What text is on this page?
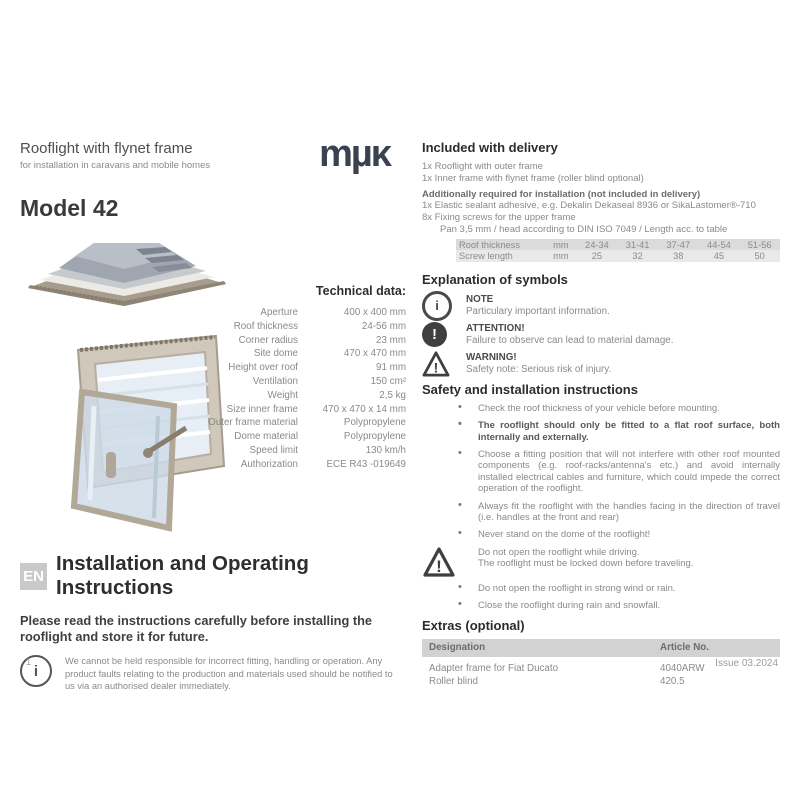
Rooflight with flynet frame
for installation in caravans and mobile homes	mµκ
Model 42
Technical data:
Aperture	400 x 400 mm
Roof thickness	24-56 mm
Corner radius	23 mm
Site dome	470 x 470 mm
Height over roof	91 mm
Ventilation	150 cm²
Weight	2,5 kg
Size inner frame	470 x 470 x 14 mm
Outer frame material	Polypropylene
Dome material	Polypropylene
Speed limit	130 km/h
Authorization	ECE R43 -019649
EN
Installation and Operating Instructions
Please read the instructions carefully before installing the rooflight and store it for future.
i
We cannot be held responsible for incorrect fitting, handling or operation. Any product faults relating to the production and materials used should be notified to us via an authorised dealer immediately.
Included with delivery
1x Rooflight with outer frame
1x Inner frame with flynet frame (roller blind optional)
Additionally required for installation (not included in delivery)
1x Elastic sealant adhesive, e.g. Dekalin Dekaseal 8936 or SikaLastomer®-710
8x Fixing screws for the upper frame
Pan 3,5 mm / head according to DIN ISO 7049 / Length acc. to table
Roof thickness	mm	24-34	31-41	37-47	44-54	51-56
Screw length	mm	25	32	38	45	50
Explanation of symbols
i	NOTE
Particulary important information.
!	ATTENTION!
Failure to observe can lead to material damage.
!
WARNING!
Safety note: Serious risk of injury.
Safety and installation instructions
• Check the roof thickness of your vehicle before mounting.
• The rooflight should only be fitted to a flat roof surface, both internally and externally.
• Choose a fitting position that will not interfere with other roof mounted components (e.g. roof-racks/antenna's etc.) and avoid internally installed electrical cables and furniture, which could impede the correct operation of the rooflight.
• Always fit the rooflight with the handles facing in the direction of travel (i.e. handles at the front and rear)
• Never stand on the dome of the rooflight!
!
Do not open the rooflight while driving.
The rooflight must be locked down before traveling.
• Do not open the rooflight in strong wind or rain.
• Close the rooflight during rain and snowfall.
Extras (optional)
Designation	Article No.
Adapter frame for Fiat Ducato	4040ARW
Roller blind	420.5
1	Issue 03.2024
